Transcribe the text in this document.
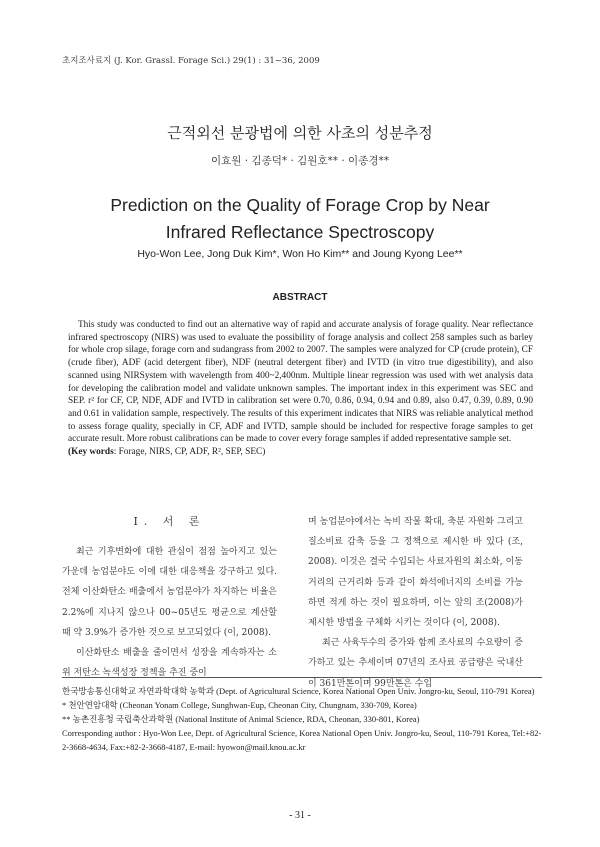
초지조사료지 (J. Kor. Grassl. Forage Sci.) 29(1) : 31~36, 2009
근적외선 분광법에 의한 사초의 성분추정
이효원 · 김종덕* · 김원호** · 이종경**
Prediction on the Quality of Forage Crop by Near Infrared Reflectance Spectroscopy
Hyo-Won Lee, Jong Duk Kim*, Won Ho Kim** and Joung Kyong Lee**
ABSTRACT

This study was conducted to find out an alternative way of rapid and accurate analysis of forage quality. Near reflectance infrared spectroscopy (NIRS) was used to evaluate the possibility of forage analysis and collect 258 samples such as barley for whole crop silage, forage corn and sudangrass from 2002 to 2007. The samples were analyzed for CP (crude protein), CF (crude fiber), ADF (acid detergent fiber), NDF (neutral detergent fiber) and IVTD (in vitro true digestibility), and also scanned using NIRSystem with wavelength from 400~2,400nm. Multiple linear regression was used with wet analysis data for developing the calibration model and validate unknown samples. The important index in this experiment was SEC and SEP. r² for CF, CP, NDF, ADF and IVTD in calibration set were 0.70, 0.86, 0.94, 0.94 and 0.89, also 0.47, 0.39, 0.89, 0.90 and 0.61 in validation sample, respectively. The results of this experiment indicates that NIRS was reliable analytical method to assess forage quality, specially in CF, ADF and IVTD, sample should be included for respective forage samples to get accurate result. More robust calibrations can be made to cover every forage samples if added representative sample set.

(Key words: Forage, NIRS, CP, ADF, R², SEP, SEC)
Ⅰ. 서 론

최근 기후변화에 대한 관심이 점점 높아지고 있는 가운데 농업분야도 이에 대한 대응책을 강구하고 있다. 전체 이산화탄소 배출에서 농업분야가 차지하는 비율은 2.2%에 지나지 않으나 00~05년도 평균으로 계산할 때 약 3.9%가 증가한 것으로 보고되었다 (이, 2008).

이산화탄소 배출을 줄이면서 성장을 계속하자는 소위 저탄소 녹색성장 정책을 추진 중이

며 농업분야에서는 녹비 작물 확대, 축분 자원화 그리고 질소비료 감축 등을 그 정책으로 제시한 바 있다 (조, 2008). 이것은 결국 수입되는 사료자원의 최소화, 이동거리의 근거리화 등과 같이 화석에너지의 소비를 가능하면 적게 하는 것이 필요하며, 이는 앞의 조(2008)가 제시한 방법을 구체화 시키는 것이다 (이, 2008).

최근 사육두수의 증가와 함께 조사료의 수요량이 증가하고 있는 추세이며 07년의 조사료 공급량은 국내산이 361만톤이며 99만톤은 수입

한국방송통신대학교 자연과학대학 농학과 (Dept. of Agricultural Science, Korea National Open Univ. Jongro-ku, Seoul, 110-791 Korea)
* 천안연암대학 (Cheonan Yonam College, Sunghwan-Eup, Cheonan City, Chungnam, 330-709, Korea)
** 농촌진흥청 국립축산과학원 (National Institute of Animal Science, RDA, Cheonan, 330-801, Korea)
Corresponding author : Hyo-Won Lee, Dept. of Agricultural Science, Korea National Open Univ. Jongro-ku, Seoul, 110-791 Korea, Tel:+82-2-3668-4634, Fax:+82-2-3668-4187, E-mail: hyowon@mail.knou.ac.kr
- 31 -
